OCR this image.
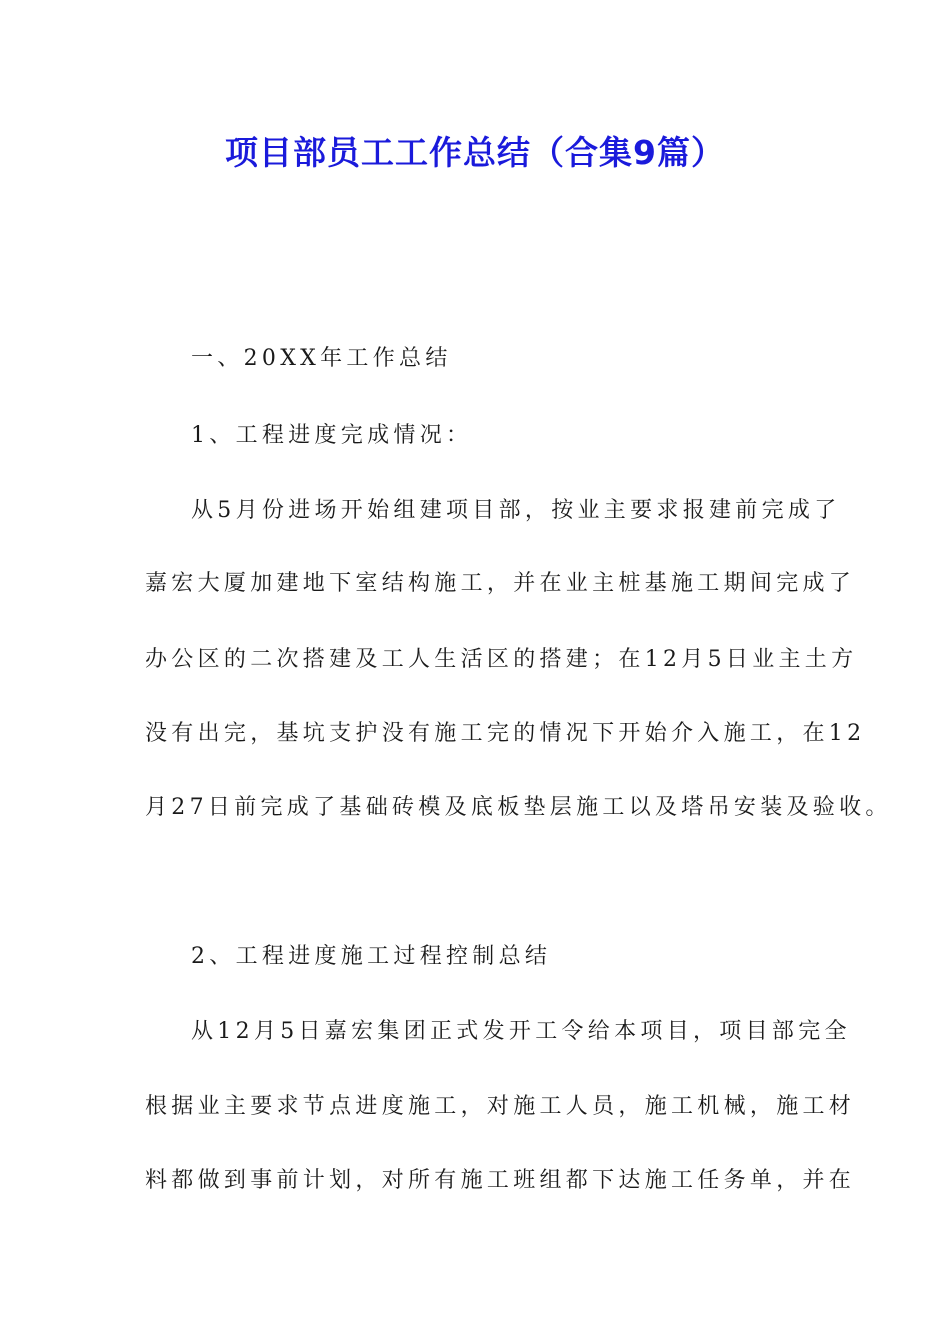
项目部员工工作总结（合集9篇）
一、20XX年工作总结
1、工程进度完成情况：
从5月份进场开始组建项目部，按业主要求报建前完成了
嘉宏大厦加建地下室结构施工，并在业主桩基施工期间完成了
办公区的二次搭建及工人生活区的搭建；在12月5日业主土方
没有出完，基坑支护没有施工完的情况下开始介入施工，在12
月27日前完成了基础砖模及底板垫层施工以及塔吊安装及验收。
2、工程进度施工过程控制总结
从12月5日嘉宏集团正式发开工令给本项目，项目部完全
根据业主要求节点进度施工，对施工人员，施工机械，施工材
料都做到事前计划，对所有施工班组都下达施工任务单，并在
